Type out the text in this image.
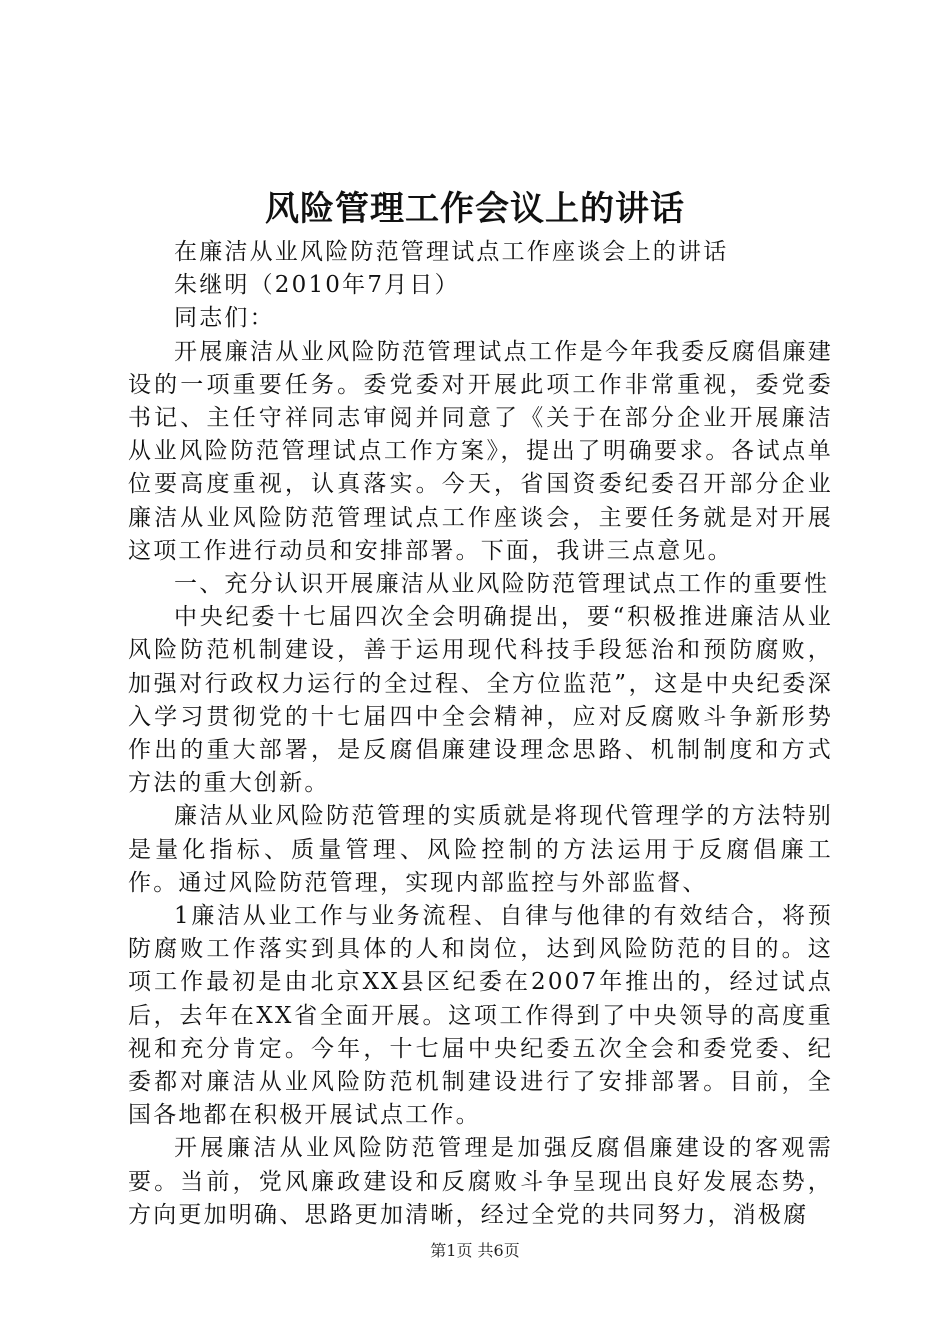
风险管理工作会议上的讲话

在廉洁从业风险防范管理试点工作座谈会上的讲话

朱继明（2010年7月日）

同志们：

开展廉洁从业风险防范管理试点工作是今年我委反腐倡廉建设的一项重要任务。委党委对开展此项工作非常重视，委党委书记、主任守祥同志审阅并同意了《关于在部分企业开展廉洁从业风险防范管理试点工作方案》，提出了明确要求。各试点单位要高度重视，认真落实。今天，省国资委纪委召开部分企业廉洁从业风险防范管理试点工作座谈会，主要任务就是对开展这项工作进行动员和安排部署。下面，我讲三点意见。

一、充分认识开展廉洁从业风险防范管理试点工作的重要性

中央纪委十七届四次全会明确提出，要“积极推进廉洁从业风险防范机制建设，善于运用现代科技手段惩治和预防腐败，加强对行政权力运行的全过程、全方位监范”，这是中央纪委深入学习贯彻党的十七届四中全会精神，应对反腐败斗争新形势作出的重大部署，是反腐倡廉建设理念思路、机制制度和方式方法的重大创新。

廉洁从业风险防范管理的实质就是将现代管理学的方法特别是量化指标、质量管理、风险控制的方法运用于反腐倡廉工作。通过风险防范管理，实现内部监控与外部监督、

1廉洁从业工作与业务流程、自律与他律的有效结合，将预防腐败工作落实到具体的人和岗位，达到风险防范的目的。这项工作最初是由北京XX县区纪委在2007年推出的，经过试点后，去年在XX省全面开展。这项工作得到了中央领导的高度重视和充分肯定。今年，十七届中央纪委五次全会和委党委、纪委都对廉洁从业风险防范机制建设进行了安排部署。目前，全国各地都在积极开展试点工作。

开展廉洁从业风险防范管理是加强反腐倡廉建设的客观需要。当前，党风廉政建设和反腐败斗争呈现出良好发展态势，方向更加明确、思路更加清晰，经过全党的共同努力，消极腐

第1页 共6页
